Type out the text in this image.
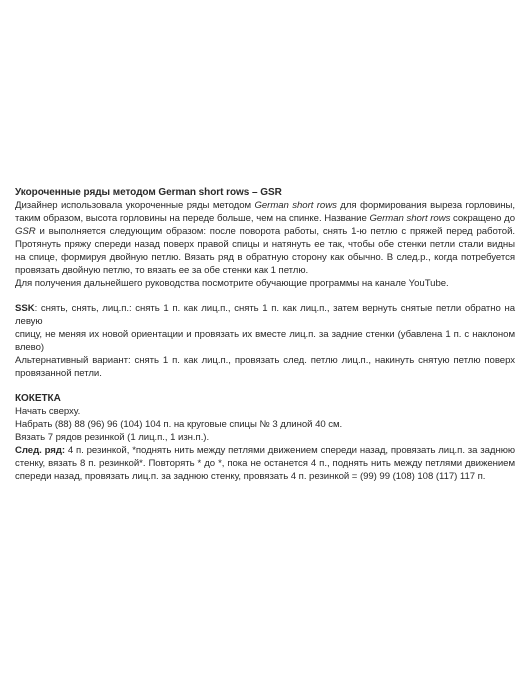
Укороченные ряды методом German short rows – GSR
Дизайнер использовала укороченные ряды методом German short rows для формирования выреза горловины,
таким образом, высота горловины на переде больше, чем на спинке. Название German short rows сокращено до
GSR и выполняется следующим образом: после поворота работы, снять 1-ю петлю с пряжей перед работой.
Протянуть пряжу спереди назад поверх правой спицы и натянуть ее так, чтобы обе стенки петли стали видны
на спице, формируя двойную петлю. Вязать ряд в обратную сторону как обычно. В след.р., когда потребуется
провязать двойную петлю, то вязать ее за обе стенки как 1 петлю.
Для получения дальнейшего руководства посмотрите обучающие программы на канале YouTube.
SSK: снять, снять, лиц.п.: снять 1 п. как лиц.п., снять 1 п. как лиц.п., затем вернуть снятые петли обратно на левую
спицу, не меняя их новой ориентации и провязать их вместе лиц.п. за задние стенки (убавлена 1 п. с наклоном
влево)
Альтернативный вариант: снять 1 п. как лиц.п., провязать след. петлю лиц.п., накинуть снятую петлю поверх
провязанной петли.
КОКЕТКА
Начать сверху.
Набрать (88) 88 (96) 96 (104) 104 п. на круговые спицы № 3 длиной 40 см.
Вязать 7 рядов резинкой (1 лиц.п., 1 изн.п.).
След. ряд: 4 п. резинкой, *поднять нить между петлями движением спереди назад, провязать лиц.п. за заднюю
стенку, вязать 8 п. резинкой*. Повторять * до *, пока не останется 4 п., поднять нить между петлями движением
спереди назад, провязать лиц.п. за заднюю стенку, провязать 4 п. резинкой = (99) 99 (108) 108 (117) 117 п.
